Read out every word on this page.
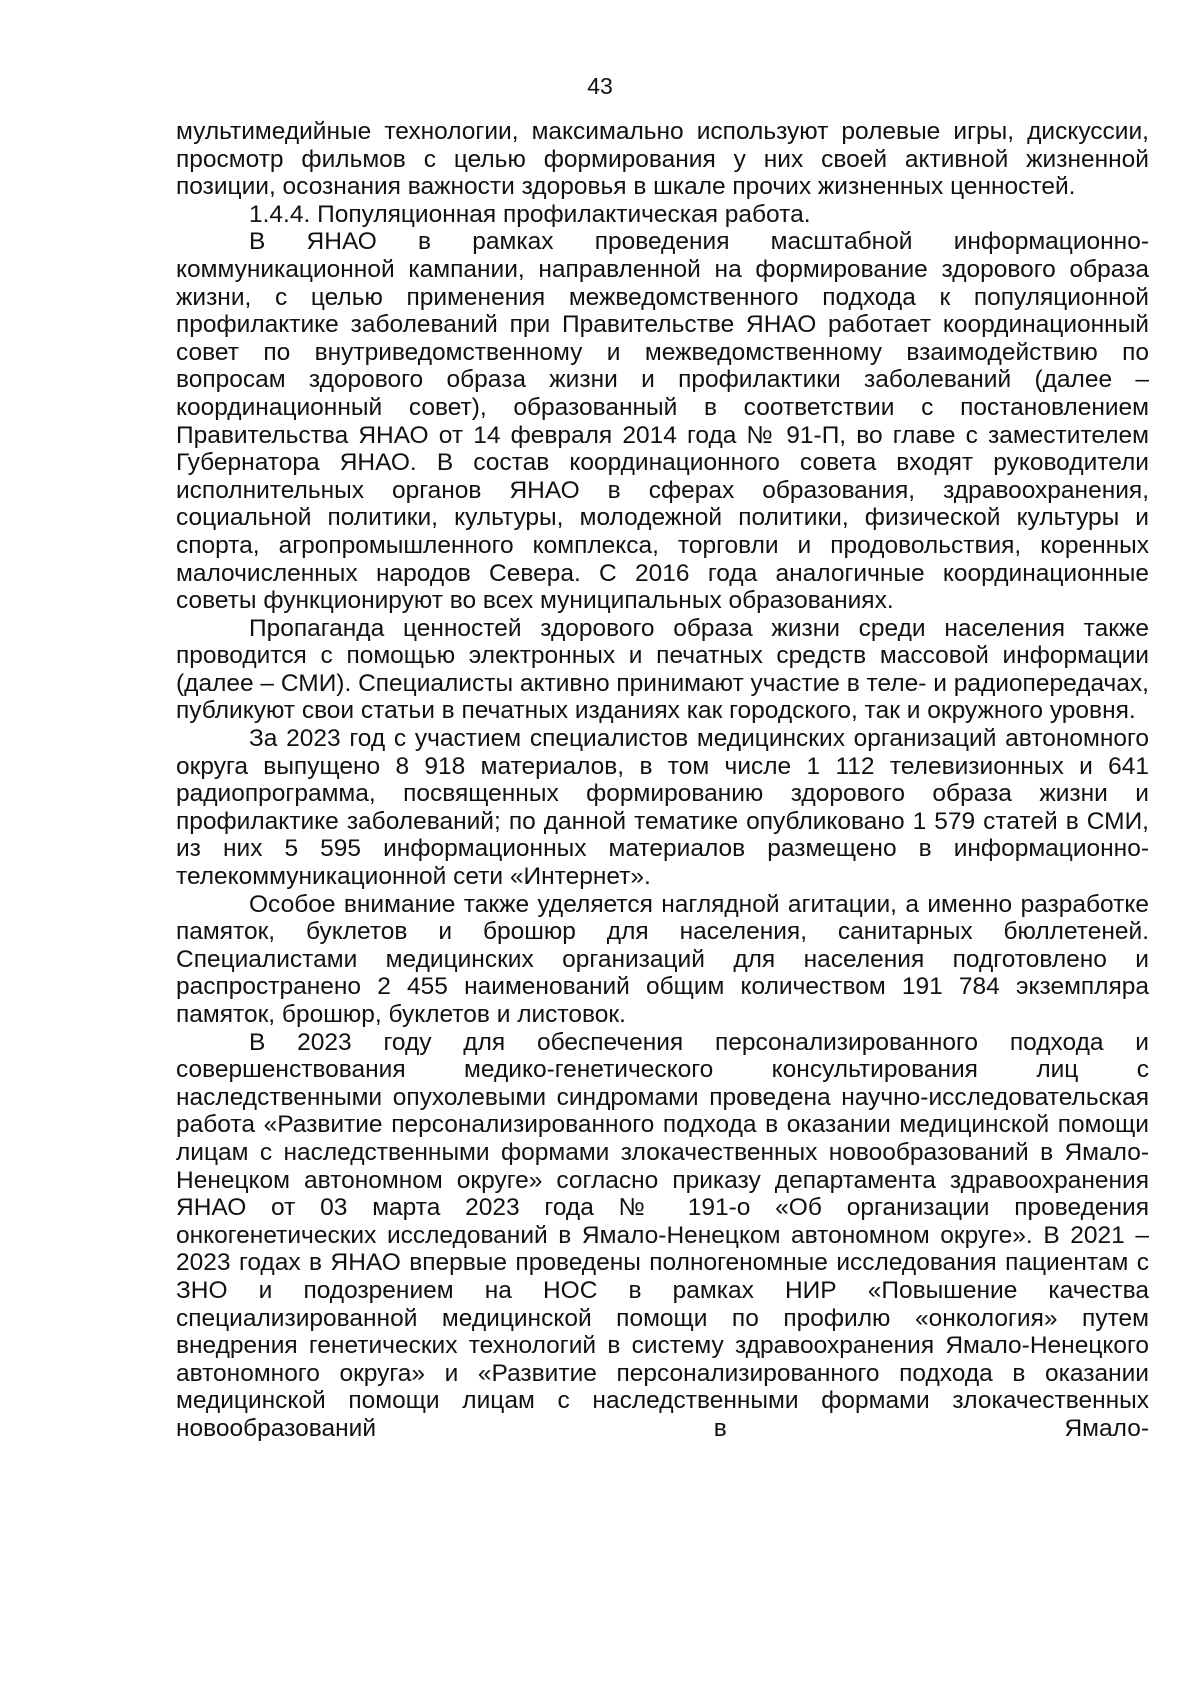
43

мультимедийные технологии, максимально используют ролевые игры, дискуссии, просмотр фильмов с целью формирования у них своей активной жизненной позиции, осознания важности здоровья в шкале прочих жизненных ценностей.

1.4.4. Популяционная профилактическая работа.

В ЯНАО в рамках проведения масштабной информационно-коммуникационной кампании, направленной на формирование здорового образа жизни, с целью применения межведомственного подхода к популяционной профилактике заболеваний при Правительстве ЯНАО работает координационный совет по внутриведомственному и межведомственному взаимодействию по вопросам здорового образа жизни и профилактики заболеваний (далее – координационный совет), образованный в соответствии с постановлением Правительства ЯНАО от 14 февраля 2014 года № 91-П, во главе с заместителем Губернатора ЯНАО. В состав координационного совета входят руководители исполнительных органов ЯНАО в сферах образования, здравоохранения, социальной политики, культуры, молодежной политики, физической культуры и спорта, агропромышленного комплекса, торговли и продовольствия, коренных малочисленных народов Севера. С 2016 года аналогичные координационные советы функционируют во всех муниципальных образованиях.

Пропаганда ценностей здорового образа жизни среди населения также проводится с помощью электронных и печатных средств массовой информации (далее – СМИ). Специалисты активно принимают участие в теле- и радиопередачах, публикуют свои статьи в печатных изданиях как городского, так и окружного уровня.

За 2023 год с участием специалистов медицинских организаций автономного округа выпущено 8 918 материалов, в том числе 1 112 телевизионных и 641 радиопрограмма, посвященных формированию здорового образа жизни и профилактике заболеваний; по данной тематике опубликовано 1 579 статей в СМИ, из них 5 595 информационных материалов размещено в информационно-телекоммуникационной сети «Интернет».

Особое внимание также уделяется наглядной агитации, а именно разработке памяток, буклетов и брошюр для населения, санитарных бюллетеней. Специалистами медицинских организаций для населения подготовлено и распространено 2 455 наименований общим количеством 191 784 экземпляра памяток, брошюр, буклетов и листовок.

В 2023 году для обеспечения персонализированного подхода и совершенствования медико-генетического консультирования лиц с наследственными опухолевыми синдромами проведена научно-исследовательская работа «Развитие персонализированного подхода в оказании медицинской помощи лицам с наследственными формами злокачественных новообразований в Ямало-Ненецком автономном округе» согласно приказу департамента здравоохранения ЯНАО от 03 марта 2023 года № 191-о «Об организации проведения онкогенетических исследований в Ямало-Ненецком автономном округе». В 2021 – 2023 годах в ЯНАО впервые проведены полногеномные исследования пациентам с ЗНО и подозрением на НОС в рамках НИР «Повышение качества специализированной медицинской помощи по профилю «онкология» путем внедрения генетических технологий в систему здравоохранения Ямало-Ненецкого автономного округа» и «Развитие персонализированного подхода в оказании медицинской помощи лицам с наследственными формами злокачественных новообразований в Ямало-
